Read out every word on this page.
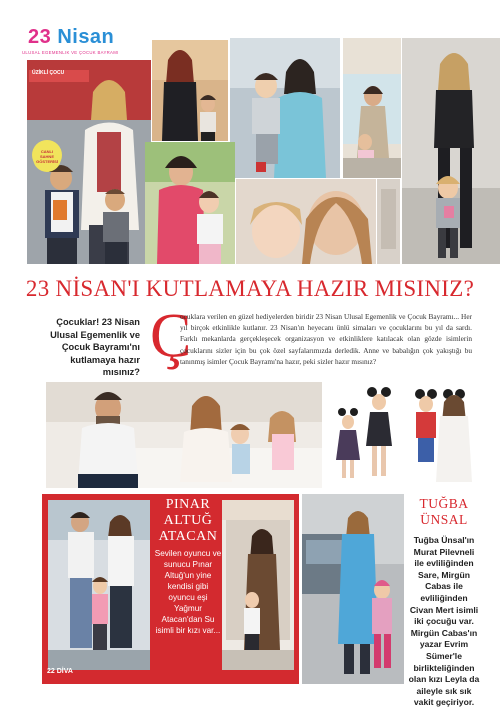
23 Nisan
ULUSAL EGEMENLIK VE ÇOCUK BAYRAMI
ÜZİKLİ ÇOCU
CANLI
SAHNE
GÖSTERİSİ
23 NİSAN'I KUTLAMAYA HAZIR MISINIZ?
Çocuklar! 23 Nisan Ulusal Egemenlik ve Çocuk Bayramı'nı kutlamaya hazır mısınız?
Ç
ocuklara verilen en güzel hediyelerden biridir 23 Nisan Ulusal Egemenlik ve Çocuk Bayramı... Her yıl birçok etkinlikle kutlanır. 23 Nisan'ın heyecanı ünlü simaları ve çocuklarını bu yıl da sardı. Farklı mekanlarda gerçekleşecek organizasyon ve etkinliklere katılacak olan gözde isimlerin çocuklarını sizler için bu çok özel sayfalarımızda derledik. Anne ve babalığın çok yakıştığı bu tanınmış isimler Çocuk Bayramı'na hazır, peki sizler hazır mısınız?
PINAR
ALTUĞ
ATACAN
Sevilen oyuncu ve sunucu Pınar Altuğ'un yine kendisi gibi oyuncu eşi Yağmur Atacan'dan Su isimli bir kızı var...
22 DİVA
TUĞBA
ÜNSAL
Tuğba Ünsal'ın Murat Pilevneli ile evliliğinden Sare, Mirgün Cabas ile evliliğinden Civan Mert isimli iki çocuğu var. Mirgün Cabas'ın yazar Evrim Sümer'le birlikteliğinden olan kızı Leyla da aileyle sık sık vakit geçiriyor.
